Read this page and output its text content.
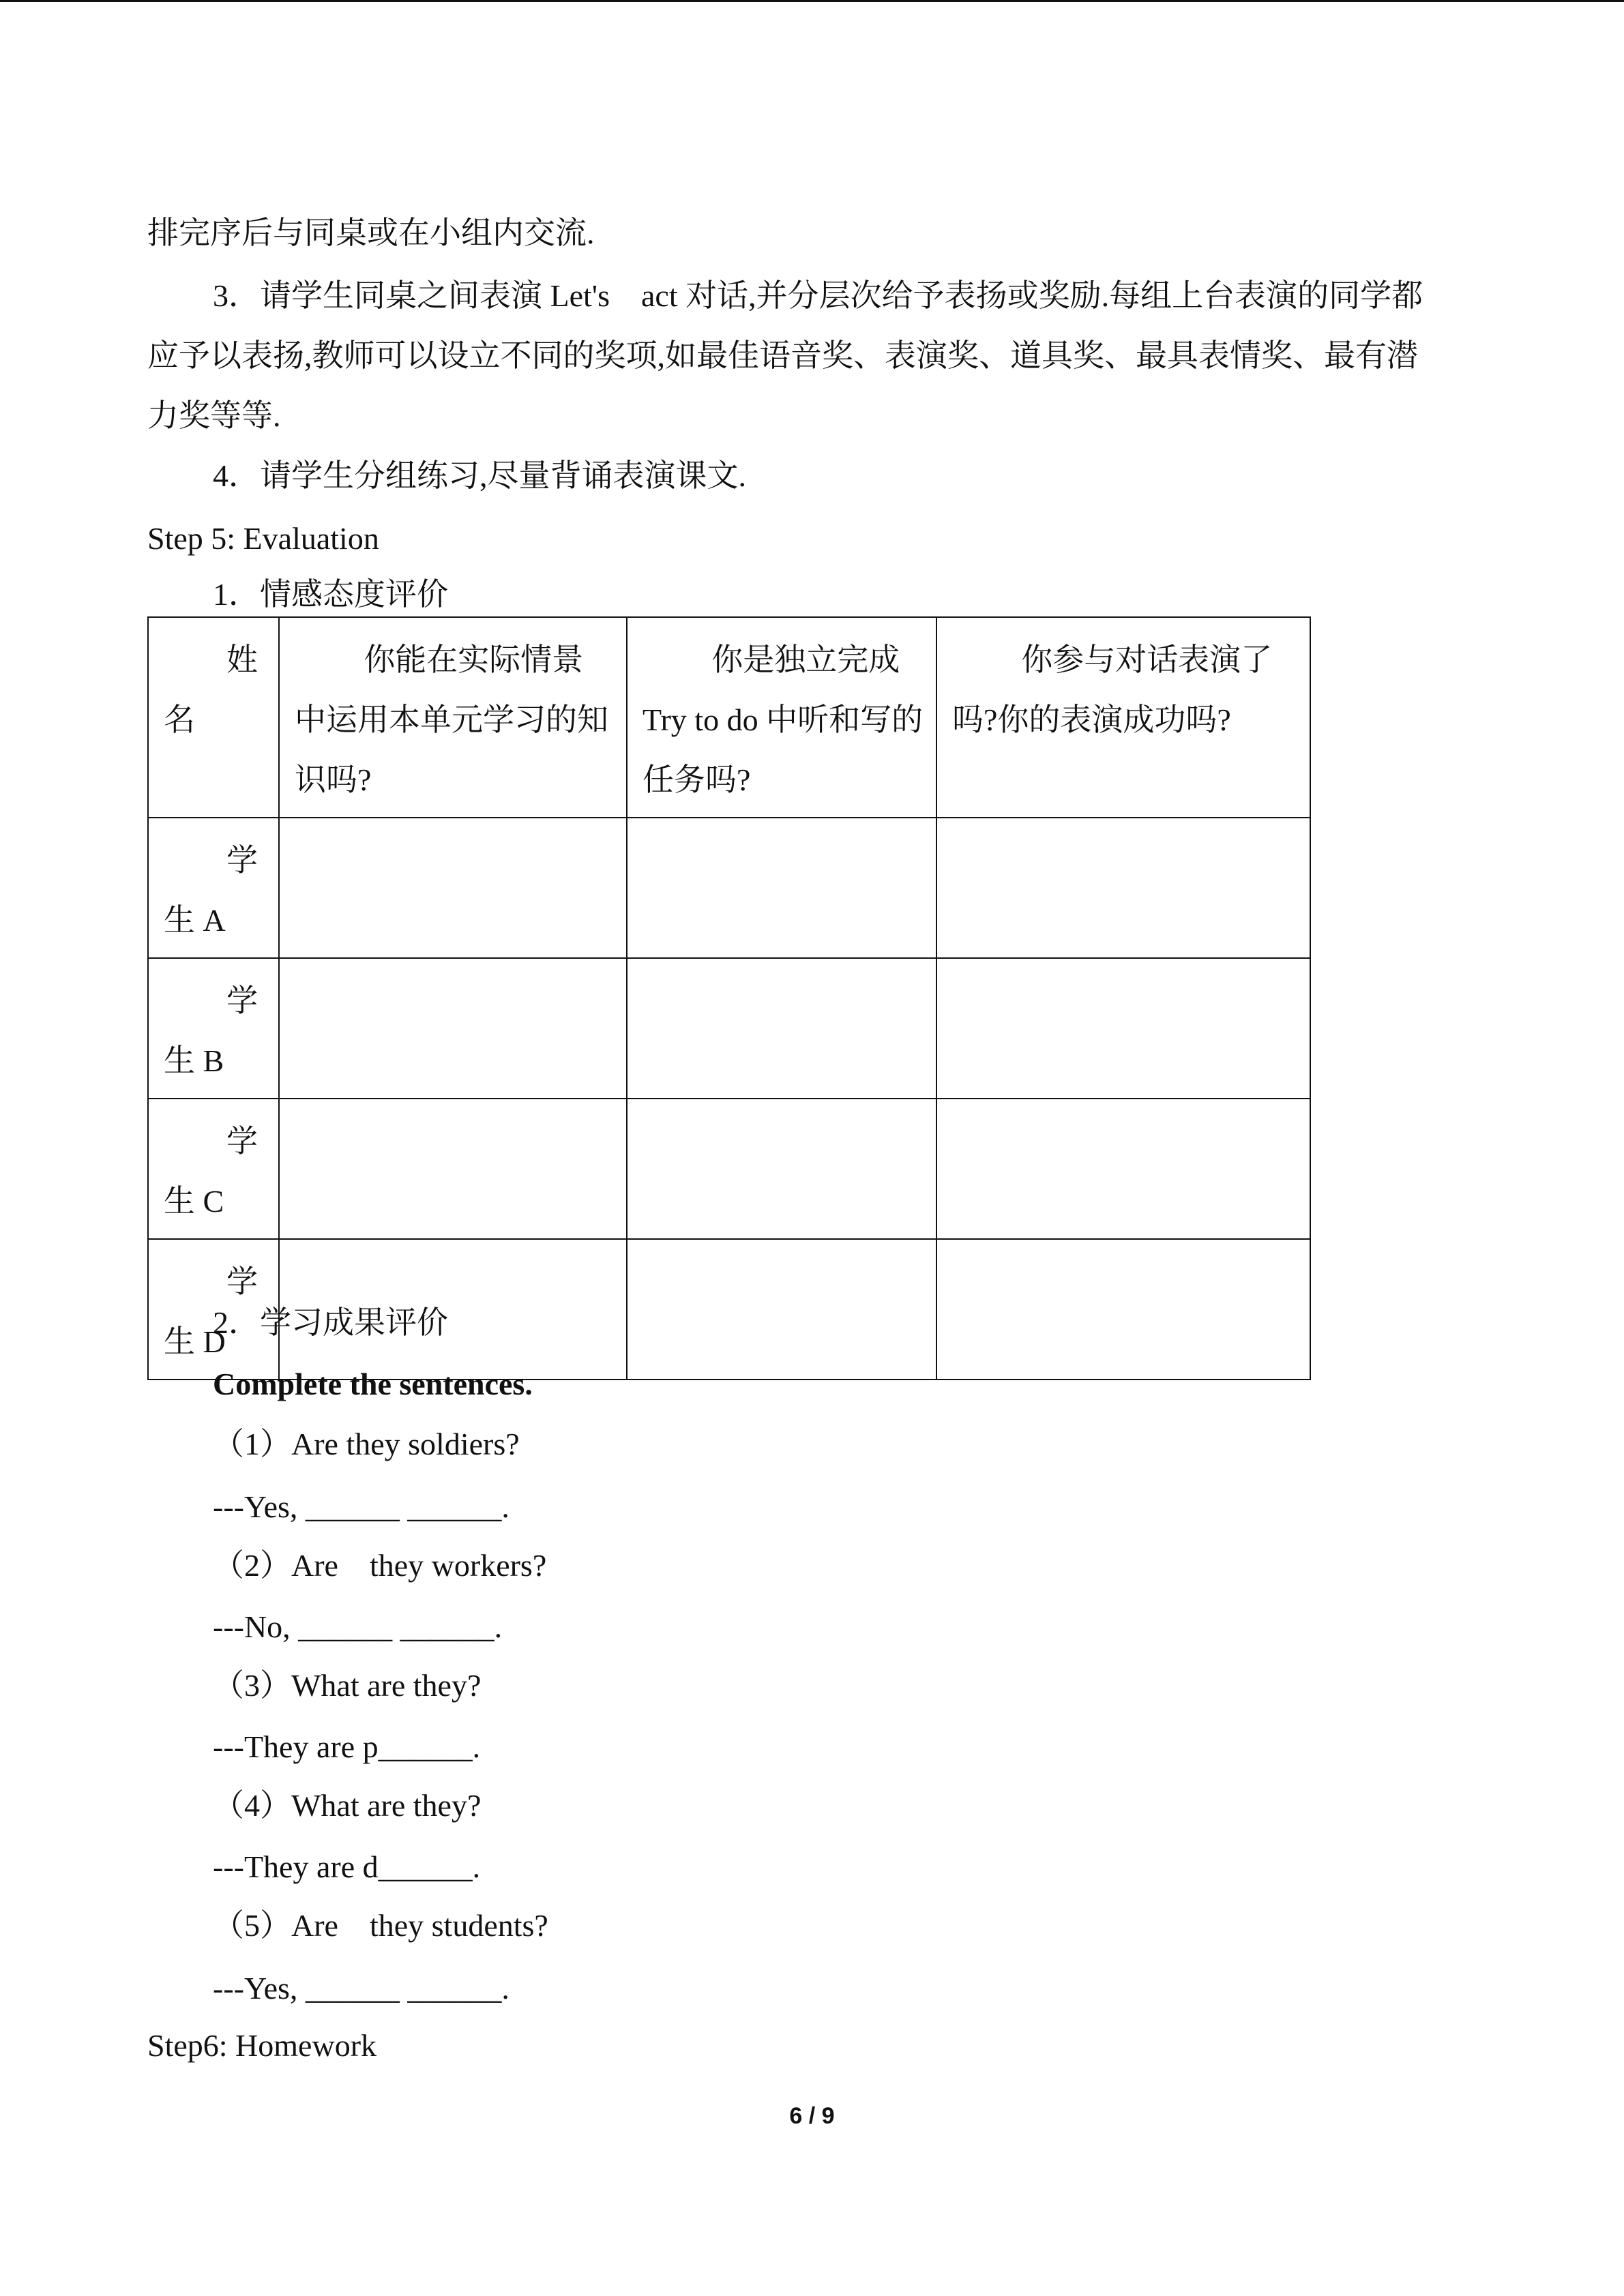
排完序后与同桌或在小组内交流.
3．请学生同桌之间表演 Let's　act 对话,并分层次给予表扬或奖励.每组上台表演的同学都
应予以表扬,教师可以设立不同的奖项,如最佳语音奖、表演奖、道具奖、最具表情奖、最有潜
力奖等等.
4．请学生分组练习,尽量背诵表演课文.
Step 5: Evaluation
1．情感态度评价
姓名	你能在实际情景中运用本单元学习的知识吗?	你是独立完成 Try to do 中听和写的任务吗?	你参与对话表演了吗?你的表演成功吗?
学生 A			
学生 B			
学生 C			
学生 D			
2．学习成果评价
Complete the sentences.
（1）Are they soldiers?
---Yes, ______ ______.
（2）Are　they workers?
---No, ______ ______.
（3）What are they?
---They are p______.
（4）What are they?
---They are d______.
（5）Are　they students?
---Yes, ______ ______.
Step6: Homework
6 / 9
